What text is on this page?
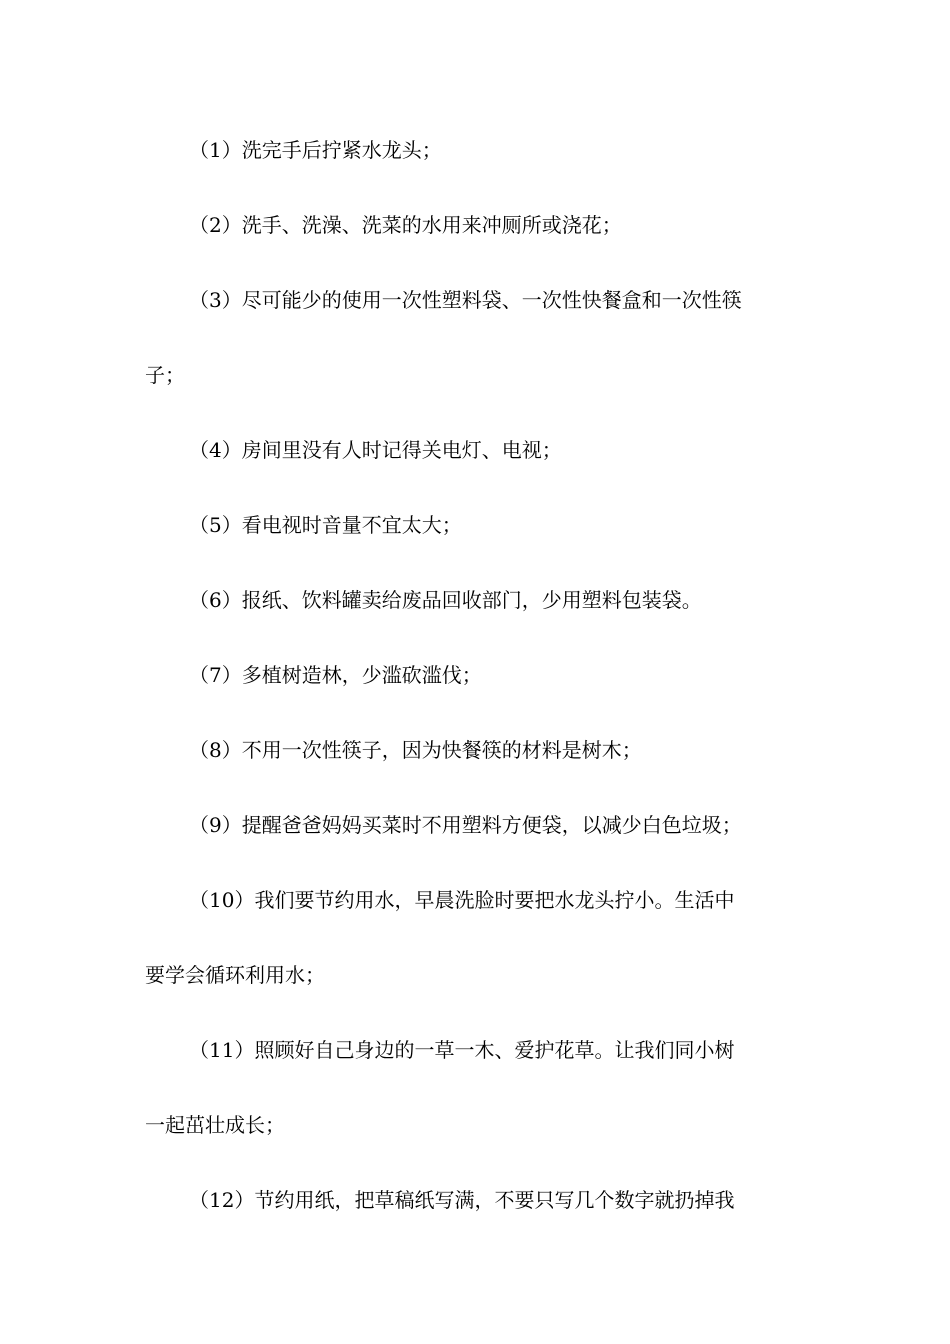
（1）洗完手后拧紧水龙头；
（2）洗手、洗澡、洗菜的水用来冲厕所或浇花；
（3）尽可能少的使用一次性塑料袋、一次性快餐盒和一次性筷
子；
（4）房间里没有人时记得关电灯、电视；
（5）看电视时音量不宜太大；
（6）报纸、饮料罐卖给废品回收部门，少用塑料包装袋。
（7）多植树造林，少滥砍滥伐；
（8）不用一次性筷子，因为快餐筷的材料是树木；
（9）提醒爸爸妈妈买菜时不用塑料方便袋，以减少白色垃圾；
（10）我们要节约用水，早晨洗脸时要把水龙头拧小。生活中
要学会循环利用水；
（11）照顾好自己身边的一草一木、爱护花草。让我们同小树
一起茁壮成长；
（12）节约用纸，把草稿纸写满，不要只写几个数字就扔掉我
